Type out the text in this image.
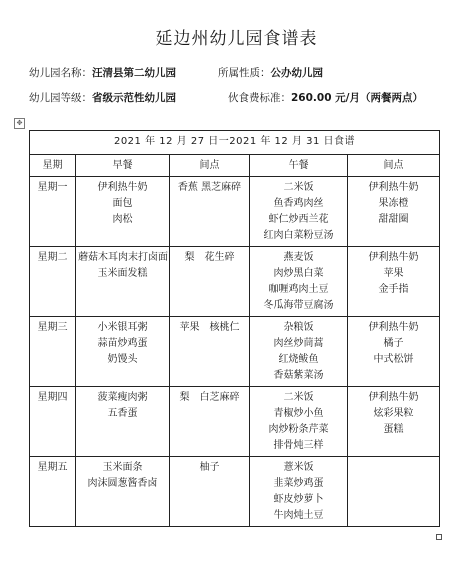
延边州幼儿园食谱表
幼儿园名称：汪清县第二幼儿园	所属性质：公办幼儿园
幼儿园等级：省级示范性幼儿园	伙食费标准：260.00 元/月（两餐两点）
✥
2021 年 12 月 27 日一2021 年 12 月 31 日食谱				
星期	早餐	间点	午餐	间点
星期一	伊利热牛奶
面包
肉松	香蕉 黑芝麻碎	二米饭
鱼香鸡肉丝
虾仁炒西兰花
红肉白菜粉豆汤	伊利热牛奶
果冻橙
甜甜圈

星期二	蘑菇木耳肉末打卤面
玉米面发糕	梨　花生碎	燕麦饭
肉炒黑白菜
咖喱鸡肉土豆
冬瓜海带豆腐汤	伊利热牛奶
苹果
金手指

星期三	小米银耳粥
蒜苗炒鸡蛋
奶馒头	苹果　核桃仁	杂粮饭
肉丝炒茼蒿
红烧鲅鱼
香菇紫菜汤	伊利热牛奶
橘子
中式松饼

星期四	菠菜瘦肉粥
五香蛋	梨　白芝麻碎	二米饭
青椒炒小鱼
肉炒粉条芹菜
排骨炖三样	伊利热牛奶
炫彩果粒
蛋糕

星期五	玉米面条
肉沫圆葱酱香卤	柚子	薏米饭
韭菜炒鸡蛋
虾皮炒萝卜
牛肉炖土豆	
